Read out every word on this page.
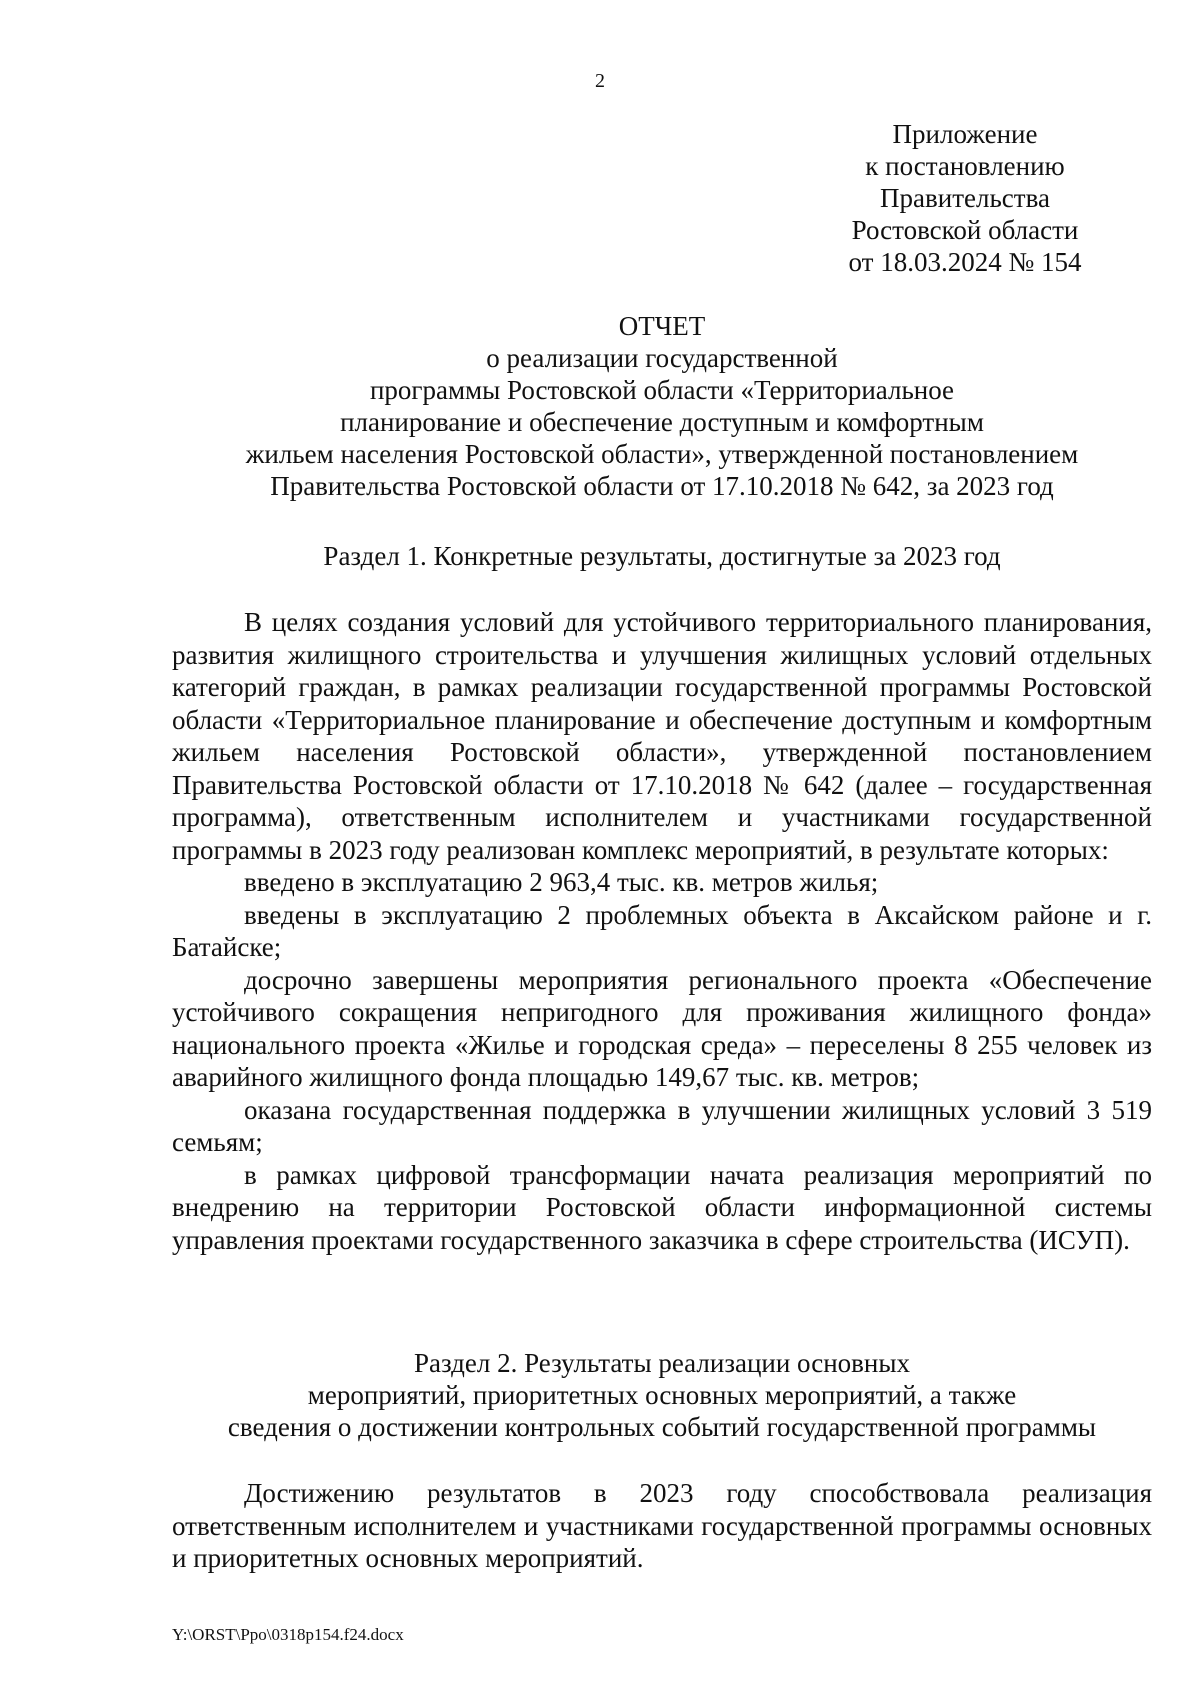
2
Приложение
к постановлению
Правительства
Ростовской области
от 18.03.2024 № 154
ОТЧЕТ
о реализации государственной
программы Ростовской области «Территориальное
планирование и обеспечение доступным и комфортным
жильем населения Ростовской области», утвержденной постановлением
Правительства Ростовской области от 17.10.2018 № 642, за 2023 год
Раздел 1. Конкретные результаты, достигнутые за 2023 год

В целях создания условий для устойчивого территориального планирования, развития жилищного строительства и улучшения жилищных условий отдельных категорий граждан, в рамках реализации государственной программы Ростовской области «Территориальное планирование и обеспечение доступным и комфортным жильем населения Ростовской области», утвержденной постановлением Правительства Ростовской области от 17.10.2018 № 642 (далее – государственная программа), ответственным исполнителем и участниками государственной программы в 2023 году реализован комплекс мероприятий, в результате которых:

введено в эксплуатацию 2 963,4 тыс. кв. метров жилья;

введены в эксплуатацию 2 проблемных объекта в Аксайском районе и г. Батайске;

досрочно завершены мероприятия регионального проекта «Обеспечение устойчивого сокращения непригодного для проживания жилищного фонда» национального проекта «Жилье и городская среда» – переселены 8 255 человек из аварийного жилищного фонда площадью 149,67 тыс. кв. метров;

оказана государственная поддержка в улучшении жилищных условий 3 519 семьям;

в рамках цифровой трансформации начата реализация мероприятий по внедрению на территории Ростовской области информационной системы управления проектами государственного заказчика в сфере строительства (ИСУП).

Раздел 2. Результаты реализации основных
мероприятий, приоритетных основных мероприятий, а также
сведения о достижении контрольных событий государственной программы

Достижению результатов в 2023 году способствовала реализация ответственным исполнителем и участниками государственной программы основных и приоритетных основных мероприятий.

Y:\ORST\Ppo\0318p154.f24.docx
